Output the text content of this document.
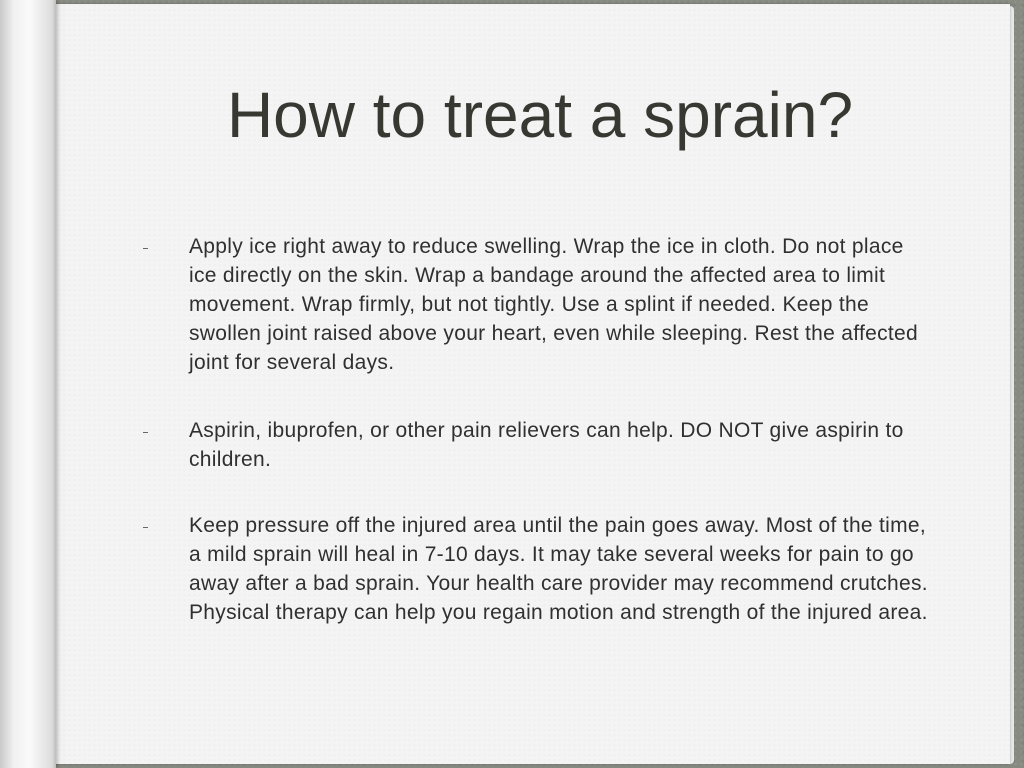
How to treat a sprain?
Apply ice right away to reduce swelling. Wrap the ice in cloth. Do not place ice directly on the skin. Wrap a bandage around the affected area to limit movement. Wrap firmly, but not tightly. Use a splint if needed. Keep the swollen joint raised above your heart, even while sleeping. Rest the affected joint for several days.
Aspirin, ibuprofen, or other pain relievers can help. DO NOT give aspirin to children.
Keep pressure off the injured area until the pain goes away. Most of the time, a mild sprain will heal in 7-10 days. It may take several weeks for pain to go away after a bad sprain. Your health care provider may recommend crutches. Physical therapy can help you regain motion and strength of the injured area.
